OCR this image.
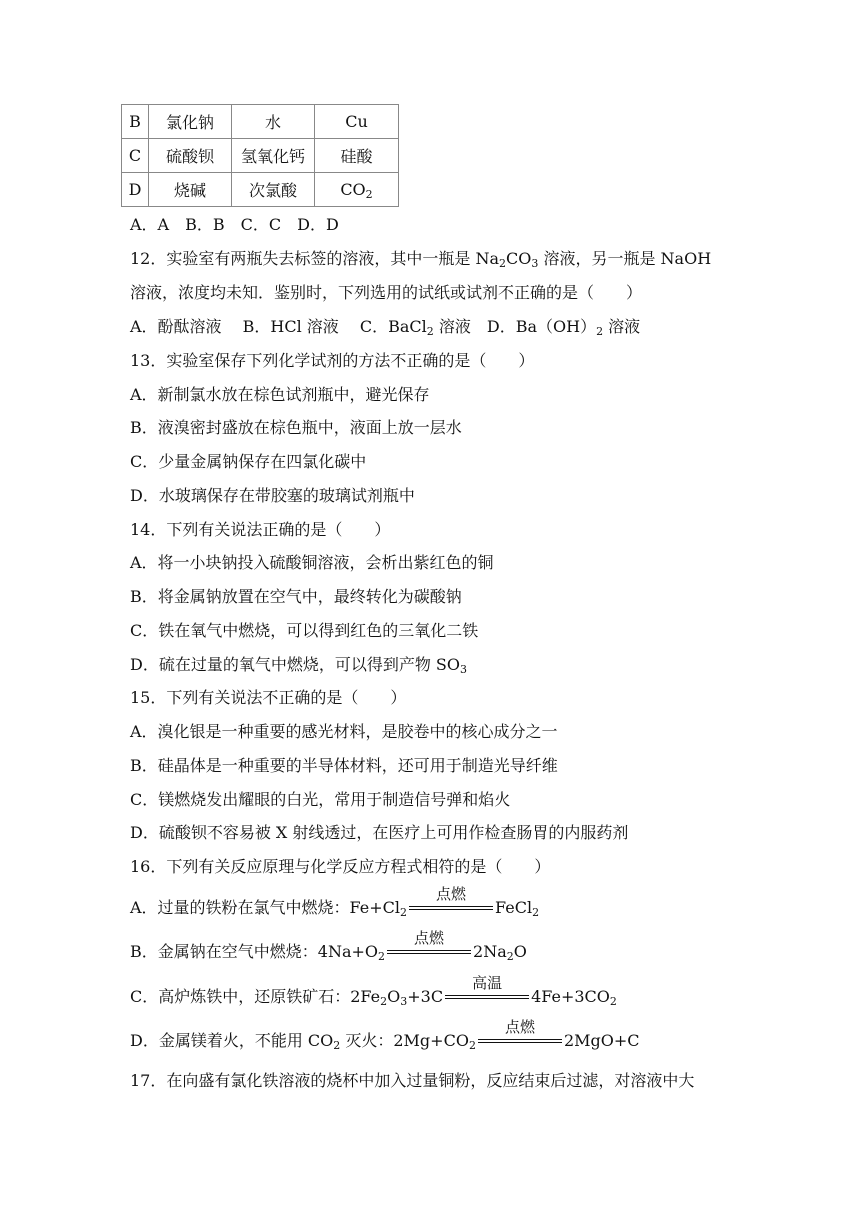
B	氯化钠	水	Cu
C	硫酸钡	氢氧化钙	硅酸
D	烧碱	次氯酸	$CO_2$
A．A　B．B　C．C　D．D
12．实验室有两瓶失去标签的溶液，其中一瓶是 $Na_2CO_3$ 溶液，另一瓶是 NaOH
溶液，浓度均未知．鉴别时，下列选用的试纸或试剂不正确的是（　　）
A．酚酞溶液　 B．HCl 溶液　 C．BaCl$_2$ 溶液　D．$Ba(OH)_2$ 溶液
13．实验室保存下列化学试剂的方法不正确的是（　　）
A．新制氯水放在棕色试剂瓶中，避光保存
B．液溴密封盛放在棕色瓶中，液面上放一层水
C．少量金属钠保存在四氯化碳中
D．水玻璃保存在带胶塞的玻璃试剂瓶中
14．下列有关说法正确的是（　　）
A．将一小块钠投入硫酸铜溶液，会析出紫红色的铜
B．将金属钠放置在空气中，最终转化为碳酸钠
C．铁在氧气中燃烧，可以得到红色的三氧化二铁
D．硫在过量的氧气中燃烧，可以得到产物 $SO_3$
15．下列有关说法不正确的是（　　）
A．溴化银是一种重要的感光材料，是胶卷中的核心成分之一
B．硅晶体是一种重要的半导体材料，还可用于制造光导纤维
C．镁燃烧发出耀眼的白光，常用于制造信号弹和焰火
D．硫酸钡不容易被 X 射线透过，在医疗上可用作检查肠胃的内服药剂
16．下列有关反应原理与化学反应方程式相符的是（　　）
A．过量的铁粉在氯气中燃烧：$Fe+Cl_2$
点燃
FeCl$_2$
B．金属钠在空气中燃烧：$4Na+O_2$
点燃
$2Na_2O$
C．高炉炼铁中，还原铁矿石：$2Fe_2O_3+3C$
高温
$4Fe+3CO_2$
D．金属镁着火，不能用 $CO_2$ 灭火：$2Mg+CO_2$
点燃
2MgO+C
17．在向盛有氯化铁溶液的烧杯中加入过量铜粉，反应结束后过滤，对溶液中大
